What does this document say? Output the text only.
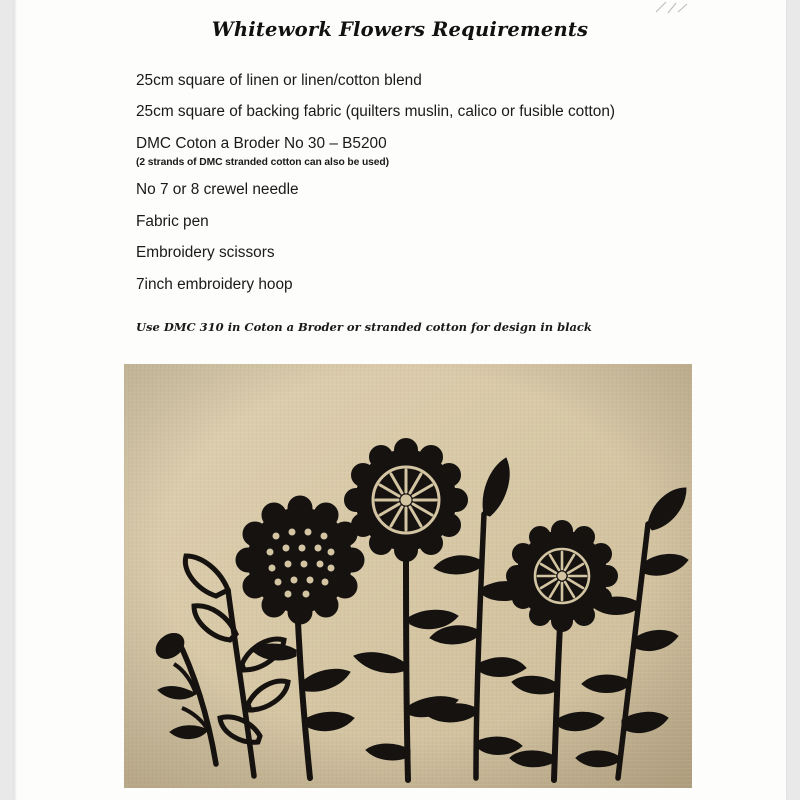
Whitework Flowers Requirements
25cm square of linen or linen/cotton blend
25cm square of backing fabric (quilters muslin, calico or fusible cotton)
DMC Coton a Broder No 30 – B5200
(2 strands of DMC stranded cotton can also be used)
No 7 or 8 crewel needle
Fabric pen
Embroidery scissors
7inch embroidery hoop
Use DMC 310 in Coton a Broder or stranded cotton for design in black
